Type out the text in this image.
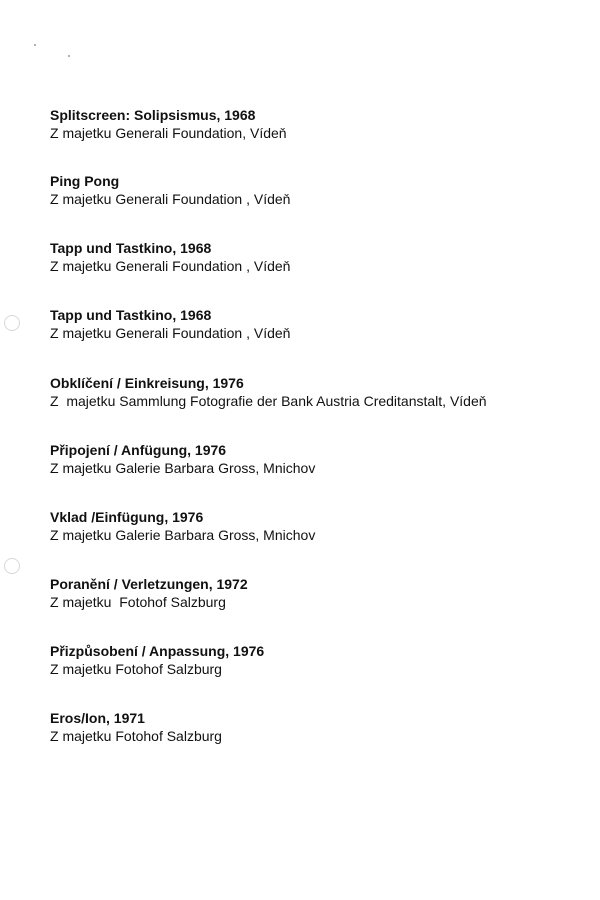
Splitscreen: Solipsismus, 1968
Z majetku Generali Foundation, Vídeň
Ping Pong
Z majetku Generali Foundation , Vídeň
Tapp und Tastkino, 1968
Z majetku Generali Foundation , Vídeň
Tapp und Tastkino, 1968
Z majetku Generali Foundation , Vídeň
Obklíčení / Einkreisung, 1976
Z  majetku Sammlung Fotografie der Bank Austria Creditanstalt, Vídeň
Připojení / Anfügung, 1976
Z majetku Galerie Barbara Gross, Mnichov
Vklad /Einfügung, 1976
Z majetku Galerie Barbara Gross, Mnichov
Poranění / Verletzungen, 1972
Z majetku  Fotohof Salzburg
Přizpůsobení / Anpassung, 1976
Z majetku Fotohof Salzburg
Eros/Ion, 1971
Z majetku Fotohof Salzburg
